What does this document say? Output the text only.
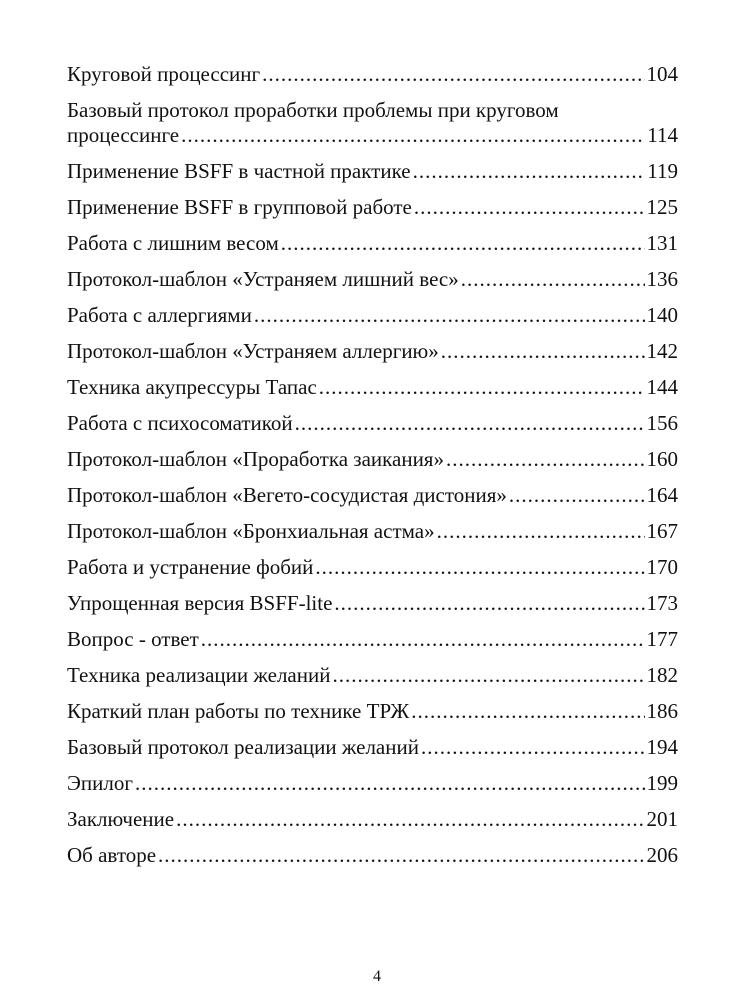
Круговой процессинг .....	104
Базовый протокол проработки проблемы при круговом
процессинге .....	114
Применение BSFF в частной практике .....	119
Применение BSFF в групповой работе .....	125
Работа с лишним весом .....	131
Протокол-шаблон «Устраняем лишний вес» .....	136
Работа с аллергиями .....	140
Протокол-шаблон «Устраняем аллергию» .....	142
Техника акупрессуры Тапас .....	144
Работа с психосоматикой .....	156
Протокол-шаблон «Проработка заикания» .....	160
Протокол-шаблон «Вегето-сосудистая дистония» .....	164
Протокол-шаблон «Бронхиальная астма» .....	167
Работа и устранение фобий .....	170
Упрощенная версия BSFF-lite .....	173
Вопрос - ответ .....	177
Техника реализации желаний .....	182
Краткий план работы по технике ТРЖ .....	186
Базовый протокол реализации желаний .....	194
Эпилог .....	199
Заключение .....	201
Об авторе .....	206
4
